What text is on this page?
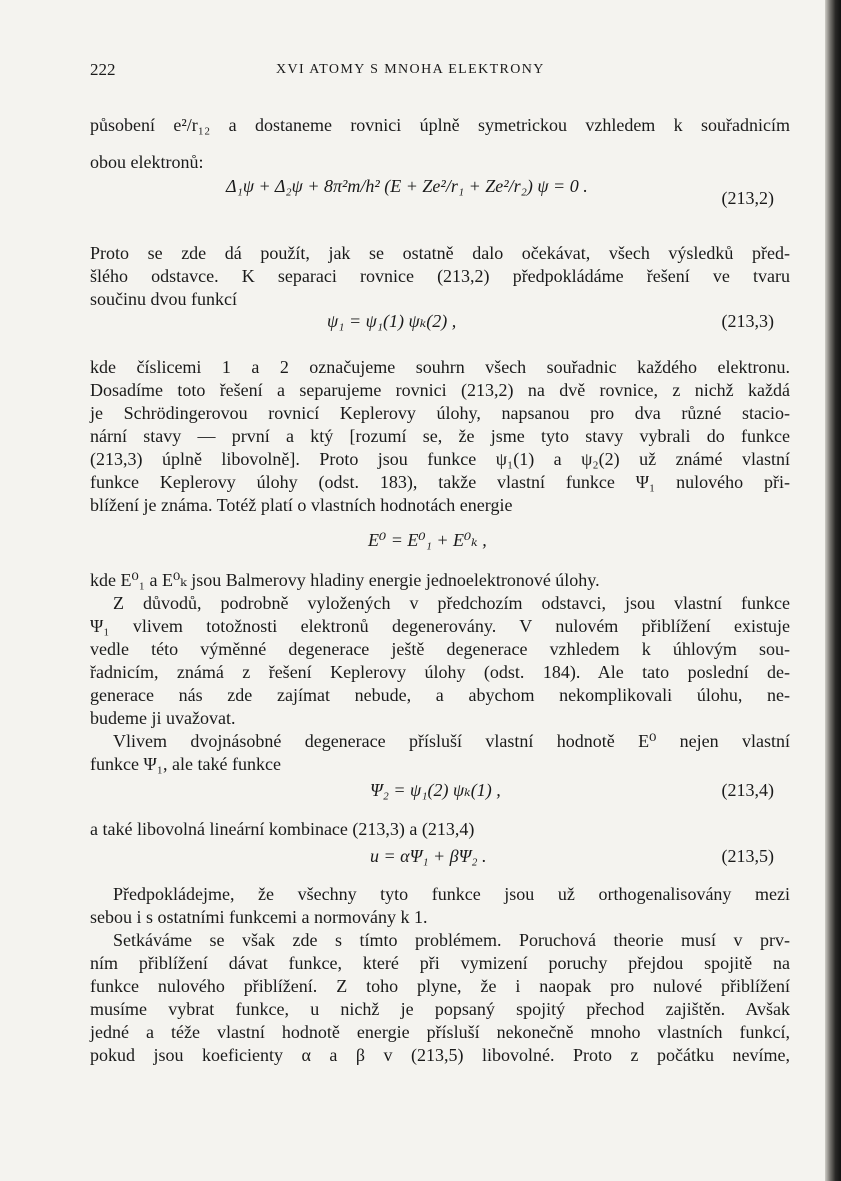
222	XVI ATOMY S MNOHA ELEKTRONY
působení e²/r₁₂ a dostaneme rovnici úplně symetrickou vzhledem k souřadnicím
obou elektronů:
Δ₁ψ + Δ₂ψ + 8π²m/h² (E + Ze²/r₁ + Ze²/r₂) ψ = 0 .
(213,2)
Proto se zde dá použít, jak se ostatně dalo očekávat, všech výsledků před-
šlého odstavce. K separaci rovnice (213,2) předpokládáme řešení ve tvaru
součinu dvou funkcí
ψ₁ = ψ₁(1) ψₖ(2) ,	(213,3)
kde číslicemi 1 a 2 označujeme souhrn všech souřadnic každého elektronu.
Dosadíme toto řešení a separujeme rovnici (213,2) na dvě rovnice, z nichž každá
je Schrödingerovou rovnicí Keplerovy úlohy, napsanou pro dva různé stacio-
nární stavy — první a ktý [rozumí se, že jsme tyto stavy vybrali do funkce
(213,3) úplně libovolně]. Proto jsou funkce ψ₁(1) a ψ₂(2) už známé vlastní
funkce Keplerovy úlohy (odst. 183), takže vlastní funkce Ψ₁ nulového při-
blížení je známa. Totéž platí o vlastních hodnotách energie
E⁰ = E⁰₁ + E⁰ₖ ,
kde E⁰₁ a E⁰ₖ jsou Balmerovy hladiny energie jednoelektronové úlohy.
Z důvodů, podrobně vyložených v předchozím odstavci, jsou vlastní funkce
Ψ₁ vlivem totožnosti elektronů degenerovány. V nulovém přiblížení existuje
vedle této výměnné degenerace ještě degenerace vzhledem k úhlovým sou-
řadnicím, známá z řešení Keplerovy úlohy (odst. 184). Ale tato poslední de-
generace nás zde zajímat nebude, a abychom nekomplikovali úlohu, ne-
budeme ji uvažovat.
Vlivem dvojnásobné degenerace přísluší vlastní hodnotě E⁰ nejen vlastní
funkce Ψ₁, ale také funkce
Ψ₂ = ψ₁(2) ψₖ(1) ,	(213,4)
a také libovolná lineární kombinace (213,3) a (213,4)
u = αΨ₁ + βΨ₂ .	(213,5)
Předpokládejme, že všechny tyto funkce jsou už orthogenalisovány mezi
sebou i s ostatními funkcemi a normovány k 1.
Setkáváme se však zde s tímto problémem. Poruchová theorie musí v prv-
ním přiblížení dávat funkce, které při vymizení poruchy přejdou spojitě na
funkce nulového přiblížení. Z toho plyne, že i naopak pro nulové přiblížení
musíme vybrat funkce, u nichž je popsaný spojitý přechod zajištěn. Avšak
jedné a téže vlastní hodnotě energie přísluší nekonečně mnoho vlastních funkcí,
pokud jsou koeficienty α a β v (213,5) libovolné. Proto z počátku nevíme,
